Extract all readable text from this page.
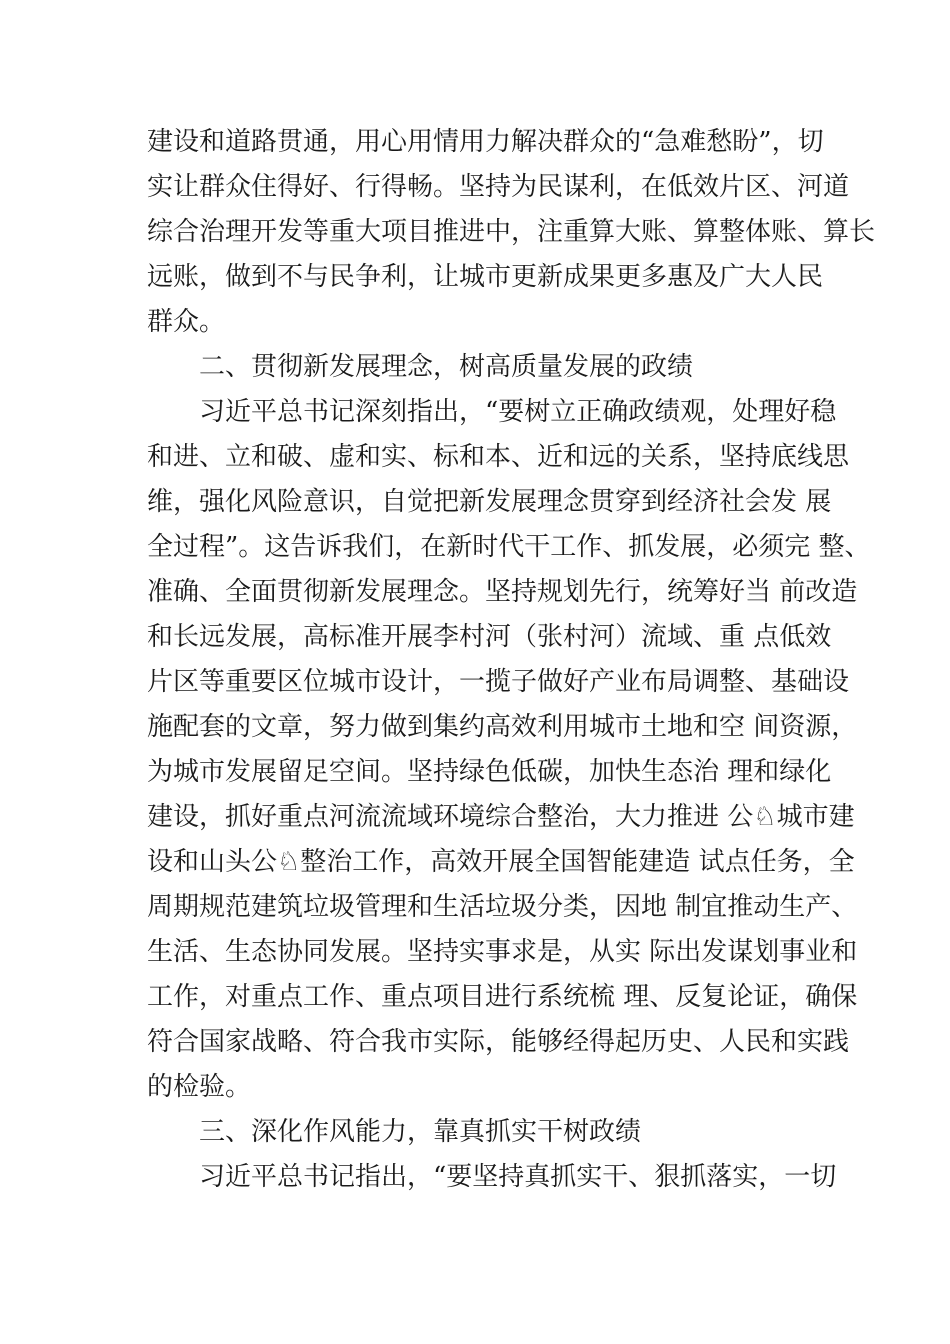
建设和道路贯通，用心用情用力解决群众的“急难愁盼”，切
实让群众住得好、行得畅。坚持为民谋利，在低效片区、河道
综合治理开发等重大项目推进中，注重算大账、算整体账、算长
远账，做到不与民争利，让城市更新成果更多惠及广大人民
群众。
二、贯彻新发展理念，树高质量发展的政绩
习近平总书记深刻指出，“要树立正确政绩观，处理好稳
和进、立和破、虚和实、标和本、近和远的关系，坚持底线思
维，强化风险意识，自觉把新发展理念贯穿到经济社会发 展
全过程”。这告诉我们，在新时代干工作、抓发展，必须完 整、
准确、全面贯彻新发展理念。坚持规划先行，统筹好当 前改造
和长远发展，高标准开展李村河（张村河）流域、重 点低效
片区等重要区位城市设计，一揽子做好产业布局调整、基础设
施配套的文章，努力做到集约高效利用城市土地和空 间资源，
为城市发展留足空间。坚持绿色低碳，加快生态治 理和绿化
建设，抓好重点河流流域环境综合整治，大力推进 公♘城市建
设和山头公♘整治工作，高效开展全国智能建造 试点任务，全
周期规范建筑垃圾管理和生活垃圾分类，因地 制宜推动生产、
生活、生态协同发展。坚持实事求是，从实 际出发谋划事业和
工作，对重点工作、重点项目进行系统梳 理、反复论证，确保
符合国家战略、符合我市实际，能够经得起历史、人民和实践
的检验。
三、深化作风能力，靠真抓实干树政绩
习近平总书记指出，“要坚持真抓实干、狠抓落实，一切
